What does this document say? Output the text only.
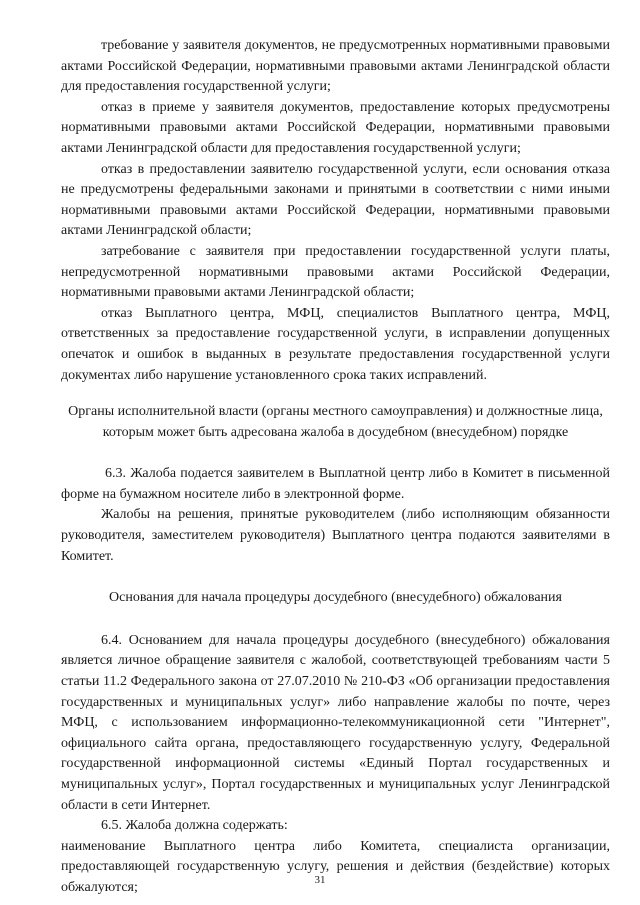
требование у заявителя документов, не предусмотренных нормативными правовыми актами Российской Федерации, нормативными правовыми актами Ленинградской области для предоставления государственной услуги;

отказ в приеме у заявителя документов, предоставление которых предусмотрены нормативными правовыми актами Российской Федерации, нормативными правовыми актами Ленинградской области для предоставления государственной услуги;

отказ в предоставлении заявителю государственной услуги, если основания отказа не предусмотрены федеральными законами и принятыми в соответствии с ними иными нормативными правовыми актами Российской Федерации, нормативными правовыми актами Ленинградской области;

затребование с заявителя при предоставлении государственной услуги платы, непредусмотренной нормативными правовыми актами Российской Федерации, нормативными правовыми актами Ленинградской области;

отказ Выплатного центра, МФЦ, специалистов Выплатного центра, МФЦ, ответственных за предоставление государственной услуги, в исправлении допущенных опечаток и ошибок в выданных в результате предоставления государственной услуги документах либо нарушение установленного срока таких исправлений.

Органы исполнительной власти (органы местного самоуправления) и должностные лица, которым может быть адресована жалоба в досудебном (внесудебном) порядке

6.3. Жалоба подается заявителем в Выплатной центр либо в Комитет в письменной форме на бумажном носителе либо в электронной форме.

Жалобы на решения, принятые руководителем (либо исполняющим обязанности руководителя, заместителем руководителя) Выплатного центра подаются заявителями в Комитет.

Основания для начала процедуры досудебного (внесудебного) обжалования

6.4. Основанием для начала процедуры досудебного (внесудебного) обжалования является личное обращение заявителя с жалобой, соответствующей требованиям части 5 статьи 11.2 Федерального закона от 27.07.2010 № 210-ФЗ «Об организации предоставления государственных и муниципальных услуг» либо направление жалобы по почте, через МФЦ, с использованием информационно-телекоммуникационной сети "Интернет", официального сайта органа, предоставляющего государственную услугу, Федеральной государственной информационной системы «Единый Портал государственных и муниципальных услуг», Портал государственных и муниципальных услуг Ленинградской области в сети Интернет.

6.5. Жалоба должна содержать:

наименование Выплатного центра либо Комитета, специалиста организации, предоставляющей государственную услугу, решения и действия (бездействие) которых обжалуются;	31
